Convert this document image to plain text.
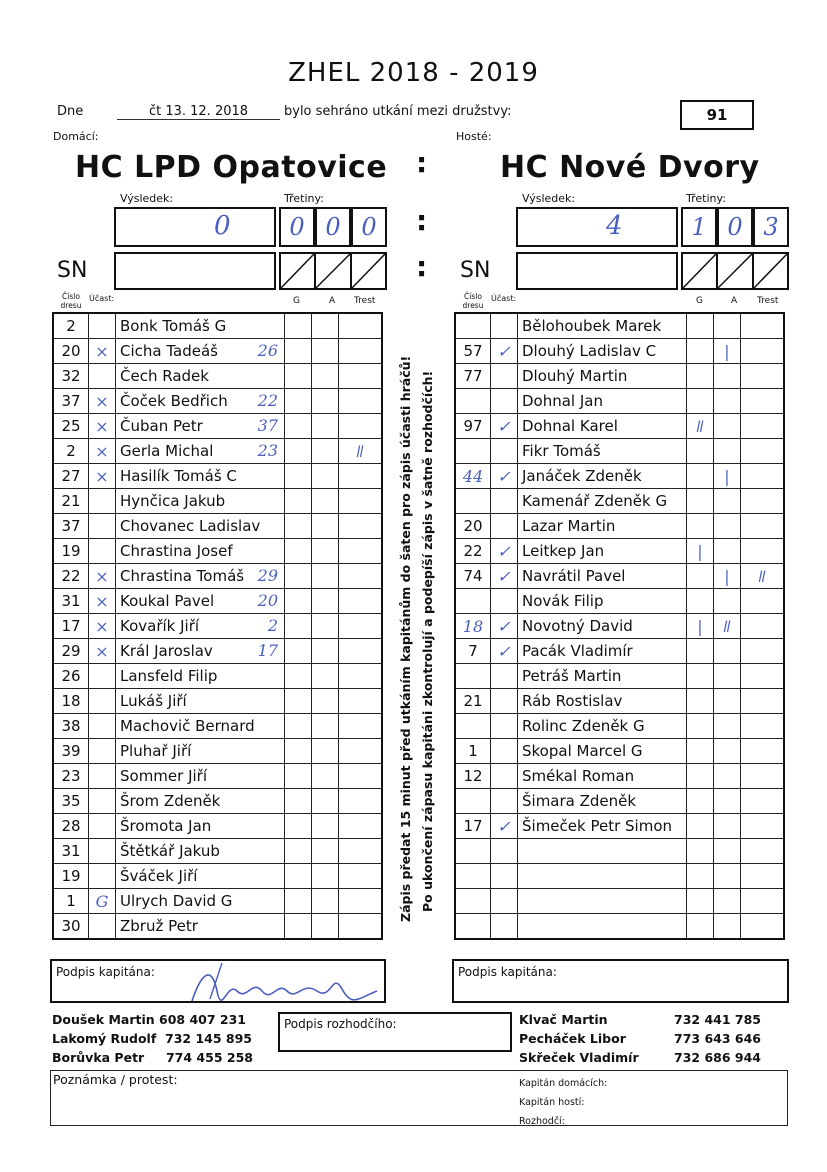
ZHEL 2018 - 2019
Dne	čt 13. 12. 2018	bylo sehráno utkání mezi družstvy:	91
Domácí:	Hosté:
HC LPD Opatovice : HC Nové Dvory
Výsledek:	Třetiny:	Výsledek:	Třetiny:
0	0 0 0 :	4	1 0 3
SN	: SN
Číslo dresu
Účast:	G	A Trest	Číslo dresu
Účast:	G	A Trest
2		Bonk Tomáš G			
20	×	Cicha Tadeáš 26			

32		Čech Radek			
37	×	Čoček Bedřich 22			

25	×	Čuban Petr 37			

2	×	Gerla Michal 23			ǁ
27	×	Hasilík Tomáš C			
21		Hynčica Jakub			
37		Chovanec Ladislav			
19		Chrastina Josef			
22	×	Chrastina Tomáš 29			

31	×	Koukal Pavel 20			

17	×	Kovařík Jiří 2			

29	×	Král Jaroslav 17			

26		Lansfeld Filip			
18		Lukáš Jiří			
38		Machovič Bernard			
39		Pluhař Jiří			
23		Sommer Jiří			
35		Šrom Zdeněk			
28		Šromota Jan			
31		Štětkář Jakub			
19		Šváček Jiří			
1	G	Ulrych David G			
30		Zbruž Petr			
		Bělohoubek Marek			
57	✓	Dlouhý Ladislav C		|	
77		Dlouhý Martin			
		Dohnal Jan			
97	✓	Dohnal Karel	ǁ		
		Fikr Tomáš			
44	✓	Janáček Zdeněk		|	
		Kamenář Zdeněk G			
20		Lazar Martin			
22	✓	Leitkep Jan	|		
74	✓	Navrátil Pavel		|	ǁ
		Novák Filip			
18	✓	Novotný David	|	ǁ	
7	✓	Pacák Vladimír			
		Petráš Martin			
21		Ráb Rostislav			
		Rolinc Zdeněk G			
1		Skopal Marcel G			
12		Smékal Roman			
		Šimara Zdeněk			
17	✓	Šimeček Petr Simon			

Zápis předat 15 minut před utkáním kapitánům do šaten pro zápis účasti hráčů! Po ukončení zápasu kapitáni zkontrolují a podepíší zápis v šatně rozhodčích!
Podpis kapitána:	Podpis kapitána:
Doušek Martin 608 407 231
Lakomý Rudolf 732 145 895
Borůvka Petr 774 455 258
Podpis rozhodčího:	Klvač Martin	732 441 785
Pecháček Libor	773 643 646
Skřeček Vladimír	732 686 944
Poznámka / protest:	Kapitán domácích:
Kapitán hostí:
Rozhodčí:
